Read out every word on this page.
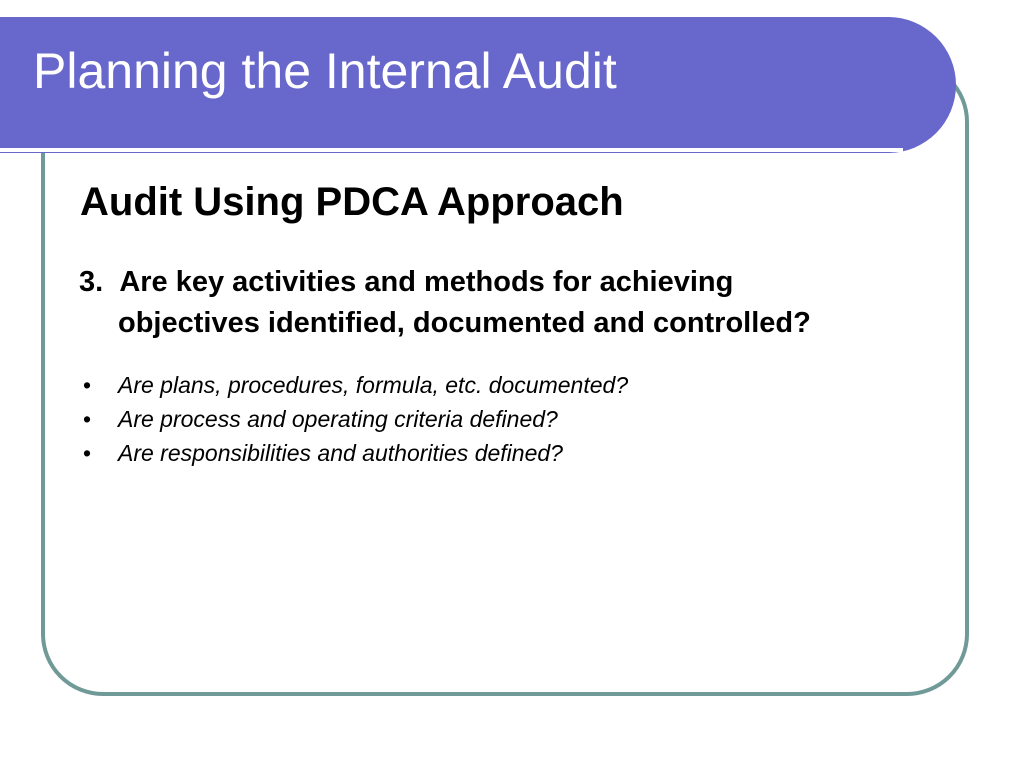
Planning the Internal Audit
Audit Using PDCA Approach
3. Are key activities and methods for achieving
objectives identified, documented and controlled?
• Are plans, procedures, formula, etc. documented?
• Are process and operating criteria defined?
• Are responsibilities and authorities defined?
